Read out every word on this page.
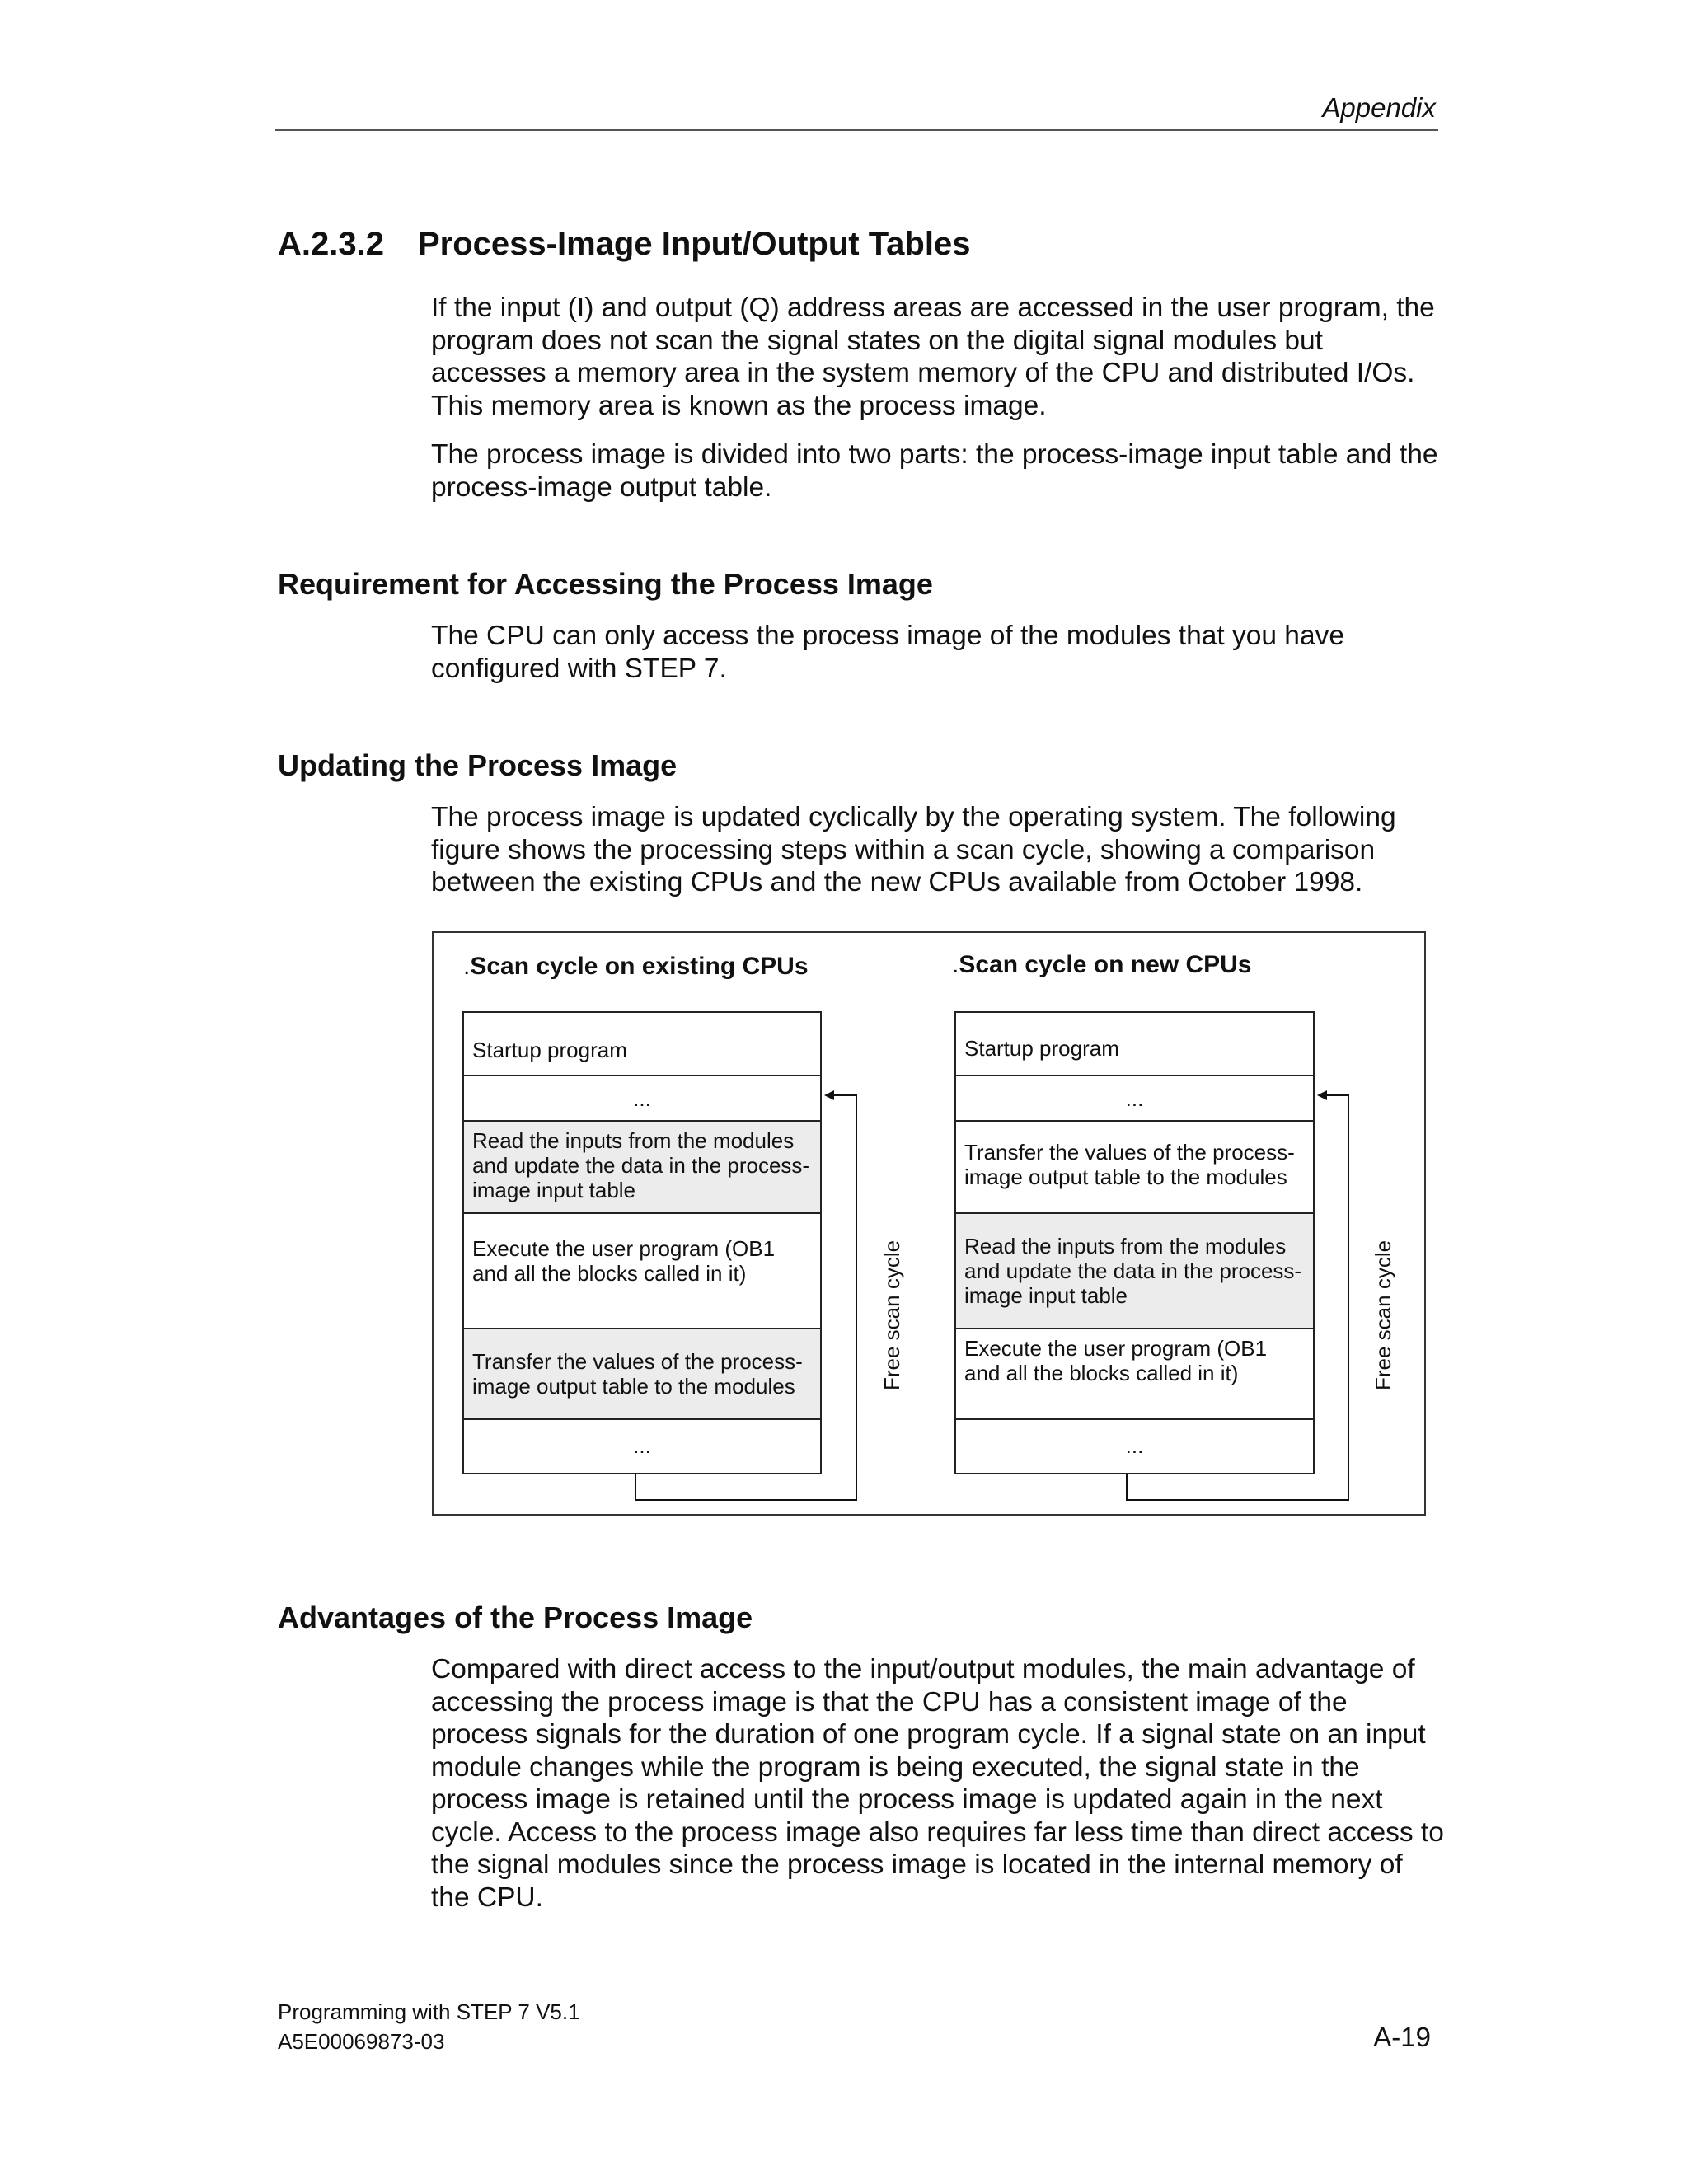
Appendix
A.2.3.2 Process-Image Input/Output Tables
If the input (I) and output (Q) address areas are accessed in the user program, the program does not scan the signal states on the digital signal modules but accesses a memory area in the system memory of the CPU and distributed I/Os. This memory area is known as the process image.
The process image is divided into two parts: the process-image input table and the process-image output table.
Requirement for Accessing the Process Image
The CPU can only access the process image of the modules that you have configured with STEP 7.
Updating the Process Image
The process image is updated cyclically by the operating system. The following figure shows the processing steps within a scan cycle, showing a comparison between the existing CPUs and the new CPUs available from October 1998.
.Scan cycle on existing CPUs	.Scan cycle on new CPUs
Startup program
...
Read the inputs from the modules and update the data in the process-image input table
Execute the user program (OB1 and all the blocks called in it)
Transfer the values of the process-image output table to the modules
...
Startup program
...
Transfer the values of the process-image output table to the modules
Read the inputs from the modules and update the data in the process-image input table
Execute the user program (OB1 and all the blocks called in it)
...
Free scan cycle	Free scan cycle
Advantages of the Process Image
Compared with direct access to the input/output modules, the main advantage of accessing the process image is that the CPU has a consistent image of the process signals for the duration of one program cycle. If a signal state on an input module changes while the program is being executed, the signal state in the process image is retained until the process image is updated again in the next cycle. Access to the process image also requires far less time than direct access to the signal modules since the process image is located in the internal memory of the CPU.
Programming with STEP 7 V5.1
A5E00069873-03	A-19
